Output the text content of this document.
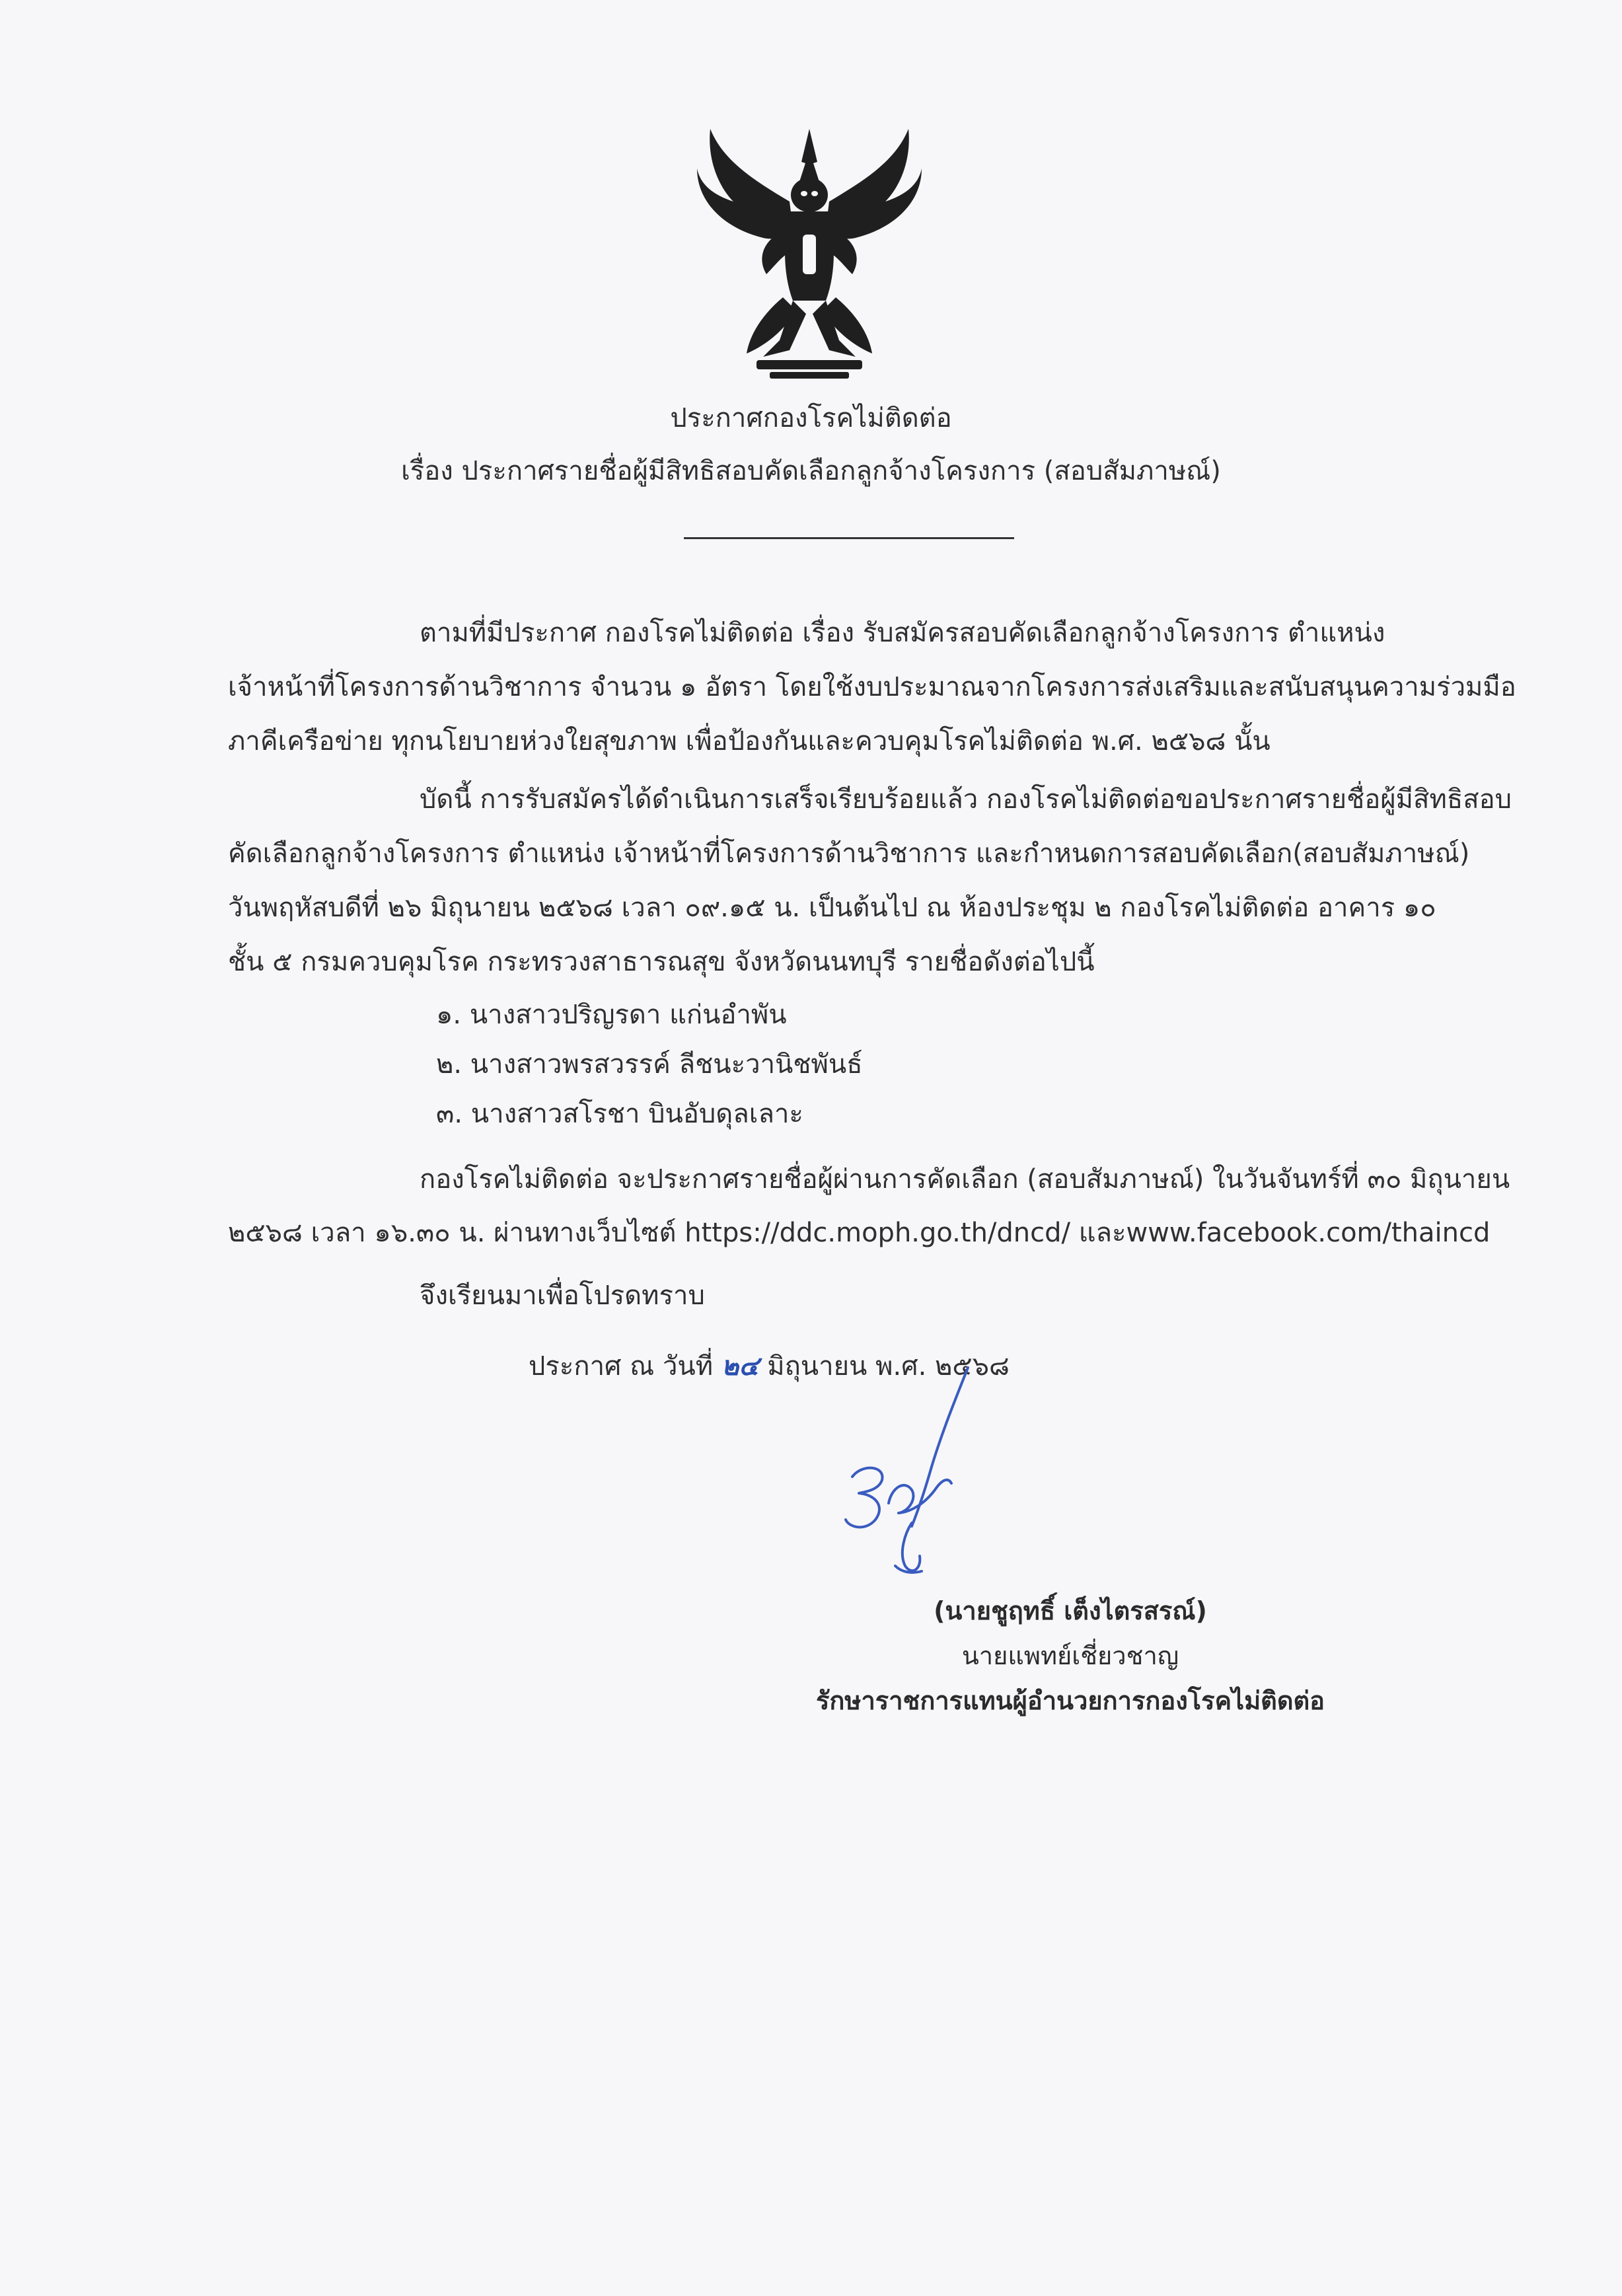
ประกาศกองโรคไม่ติดต่อ
เรื่อง ประกาศรายชื่อผู้มีสิทธิสอบคัดเลือกลูกจ้างโครงการ (สอบสัมภาษณ์)
ตามที่มีประกาศ กองโรคไม่ติดต่อ เรื่อง รับสมัครสอบคัดเลือกลูกจ้างโครงการ ตำแหน่ง
เจ้าหน้าที่โครงการด้านวิชาการ จำนวน ๑ อัตรา โดยใช้งบประมาณจากโครงการส่งเสริมและสนับสนุนความร่วมมือ
ภาคีเครือข่าย ทุกนโยบายห่วงใยสุขภาพ เพื่อป้องกันและควบคุมโรคไม่ติดต่อ พ.ศ. ๒๕๖๘ นั้น
บัดนี้ การรับสมัครได้ดำเนินการเสร็จเรียบร้อยแล้ว กองโรคไม่ติดต่อขอประกาศรายชื่อผู้มีสิทธิสอบ
คัดเลือกลูกจ้างโครงการ ตำแหน่ง เจ้าหน้าที่โครงการด้านวิชาการ และกำหนดการสอบคัดเลือก(สอบสัมภาษณ์)
วันพฤหัสบดีที่ ๒๖ มิถุนายน ๒๕๖๘ เวลา ๐๙.๑๕ น. เป็นต้นไป ณ ห้องประชุม ๒ กองโรคไม่ติดต่อ อาคาร ๑๐
ชั้น ๕ กรมควบคุมโรค กระทรวงสาธารณสุข จังหวัดนนทบุรี รายชื่อดังต่อไปนี้
๑. นางสาวปริญรดา แก่นอำพัน
๒. นางสาวพรสวรรค์ ลีชนะวานิชพันธ์
๓. นางสาวสโรชา บินอับดุลเลาะ
กองโรคไม่ติดต่อ จะประกาศรายชื่อผู้ผ่านการคัดเลือก (สอบสัมภาษณ์) ในวันจันทร์ที่ ๓๐ มิถุนายน
๒๕๖๘ เวลา ๑๖.๓๐ น. ผ่านทางเว็บไซต์ https://ddc.moph.go.th/dncd/ และwww.facebook.com/thaincd
จึงเรียนมาเพื่อโปรดทราบ
ประกาศ ณ วันที่ ๒๔ มิถุนายน พ.ศ. ๒๕๖๘
(นายชูฤทธิ์ เต็งไตรสรณ์)
นายแพทย์เชี่ยวชาญ
รักษาราชการแทนผู้อำนวยการกองโรคไม่ติดต่อ
